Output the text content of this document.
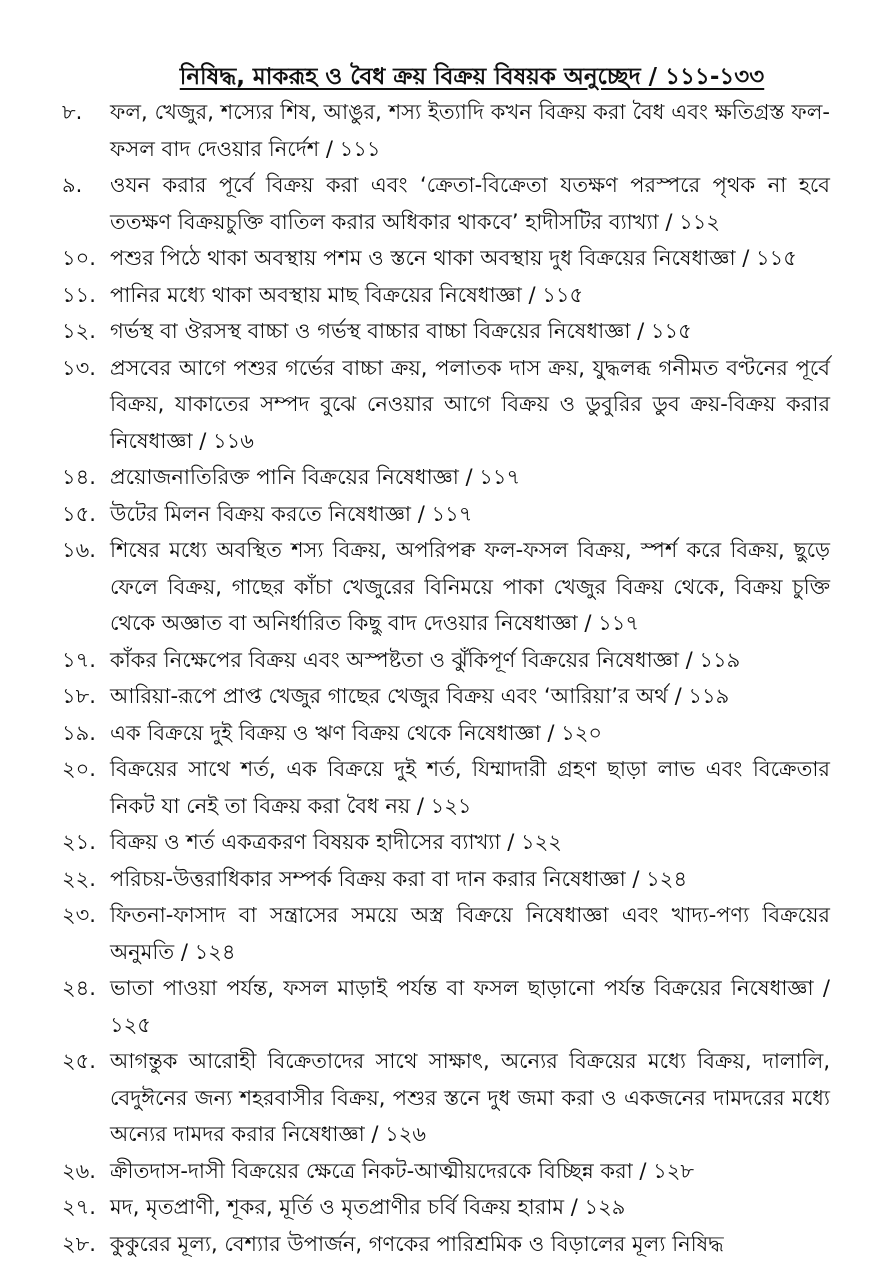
নিষিদ্ধ, মাকরূহ ও বৈধ ক্রয় বিক্রয় বিষয়ক অনুচ্ছেদ / ১১১-১৩৩
৮.	ফল, খেজুর, শস্যের শিষ, আঙুর, শস্য ইত্যাদি কখন বিক্রয় করা বৈধ এবং ক্ষতিগ্রস্ত ফল-ফসল বাদ দেওয়ার নির্দেশ / ১১১
৯.	ওযন করার পূর্বে বিক্রয় করা এবং ‘ক্রেতা-বিক্রেতা যতক্ষণ পরস্পরে পৃথক না হবে ততক্ষণ বিক্রয়চুক্তি বাতিল করার অধিকার থাকবে’ হাদীসটির ব্যাখ্যা / ১১২
১০. পশুর পিঠে থাকা অবস্থায় পশম ও স্তনে থাকা অবস্থায় দুধ বিক্রয়ের নিষেধাজ্ঞা / ১১৫
১১. পানির মধ্যে থাকা অবস্থায় মাছ বিক্রয়ের নিষেধাজ্ঞা / ১১৫
১২. গর্ভস্থ বা ঔরসস্থ বাচ্চা ও গর্ভস্থ বাচ্চার বাচ্চা বিক্রয়ের নিষেধাজ্ঞা / ১১৫
১৩. প্রসবের আগে পশুর গর্ভের বাচ্চা ক্রয়, পলাতক দাস ক্রয়, যুদ্ধলব্ধ গনীমত বণ্টনের পূর্বে বিক্রয়, যাকাতের সম্পদ বুঝে নেওয়ার আগে বিক্রয় ও ডুবুরির ডুব ক্রয়-বিক্রয় করার নিষেধাজ্ঞা / ১১৬
১৪. প্রয়োজনাতিরিক্ত পানি বিক্রয়ের নিষেধাজ্ঞা / ১১৭
১৫. উটের মিলন বিক্রয় করতে নিষেধাজ্ঞা / ১১৭
১৬. শিষের মধ্যে অবস্থিত শস্য বিক্রয়, অপরিপক্ব ফল-ফসল বিক্রয়, স্পর্শ করে বিক্রয়, ছুড়ে ফেলে বিক্রয়, গাছের কাঁচা খেজুরের বিনিময়ে পাকা খেজুর বিক্রয় থেকে, বিক্রয় চুক্তি থেকে অজ্ঞাত বা অনির্ধারিত কিছু বাদ দেওয়ার নিষেধাজ্ঞা / ১১৭
১৭. কাঁকর নিক্ষেপের বিক্রয় এবং অস্পষ্টতা ও ঝুঁকিপূর্ণ বিক্রয়ের নিষেধাজ্ঞা / ১১৯
১৮. আরিয়া-রূপে প্রাপ্ত খেজুর গাছের খেজুর বিক্রয় এবং ‘আরিয়া’র অর্থ / ১১৯
১৯. এক বিক্রয়ে দুই বিক্রয় ও ঋণ বিক্রয় থেকে নিষেধাজ্ঞা / ১২০
২০. বিক্রয়ের সাথে শর্ত, এক বিক্রয়ে দুই শর্ত, যিম্মাদারী গ্রহণ ছাড়া লাভ এবং বিক্রেতার নিকট যা নেই তা বিক্রয় করা বৈধ নয় / ১২১
২১. বিক্রয় ও শর্ত একত্রকরণ বিষয়ক হাদীসের ব্যাখ্যা / ১২২
২২. পরিচয়-উত্তরাধিকার সম্পর্ক বিক্রয় করা বা দান করার নিষেধাজ্ঞা / ১২৪
২৩. ফিতনা-ফাসাদ বা সন্ত্রাসের সময়ে অস্ত্র বিক্রয়ে নিষেধাজ্ঞা এবং খাদ্য-পণ্য বিক্রয়ের অনুমতি / ১২৪
২৪. ভাতা পাওয়া পর্যন্ত, ফসল মাড়াই পর্যন্ত বা ফসল ছাড়ানো পর্যন্ত বিক্রয়ের নিষেধাজ্ঞা / ১২৫
২৫. আগন্তুক আরোহী বিক্রেতাদের সাথে সাক্ষাৎ, অন্যের বিক্রয়ের মধ্যে বিক্রয়, দালালি, বেদুঈনের জন্য শহরবাসীর বিক্রয়, পশুর স্তনে দুধ জমা করা ও একজনের দামদরের মধ্যে অন্যের দামদর করার নিষেধাজ্ঞা / ১২৬
২৬. ক্রীতদাস-দাসী বিক্রয়ের ক্ষেত্রে নিকট-আত্মীয়দেরকে বিচ্ছিন্ন করা / ১২৮
২৭. মদ, মৃতপ্রাণী, শূকর, মূর্তি ও মৃতপ্রাণীর চর্বি বিক্রয় হারাম / ১২৯
২৮. কুকুরের মূল্য, বেশ্যার উপার্জন, গণকের পারিশ্রমিক ও বিড়ালের মূল্য নিষিদ্ধ
